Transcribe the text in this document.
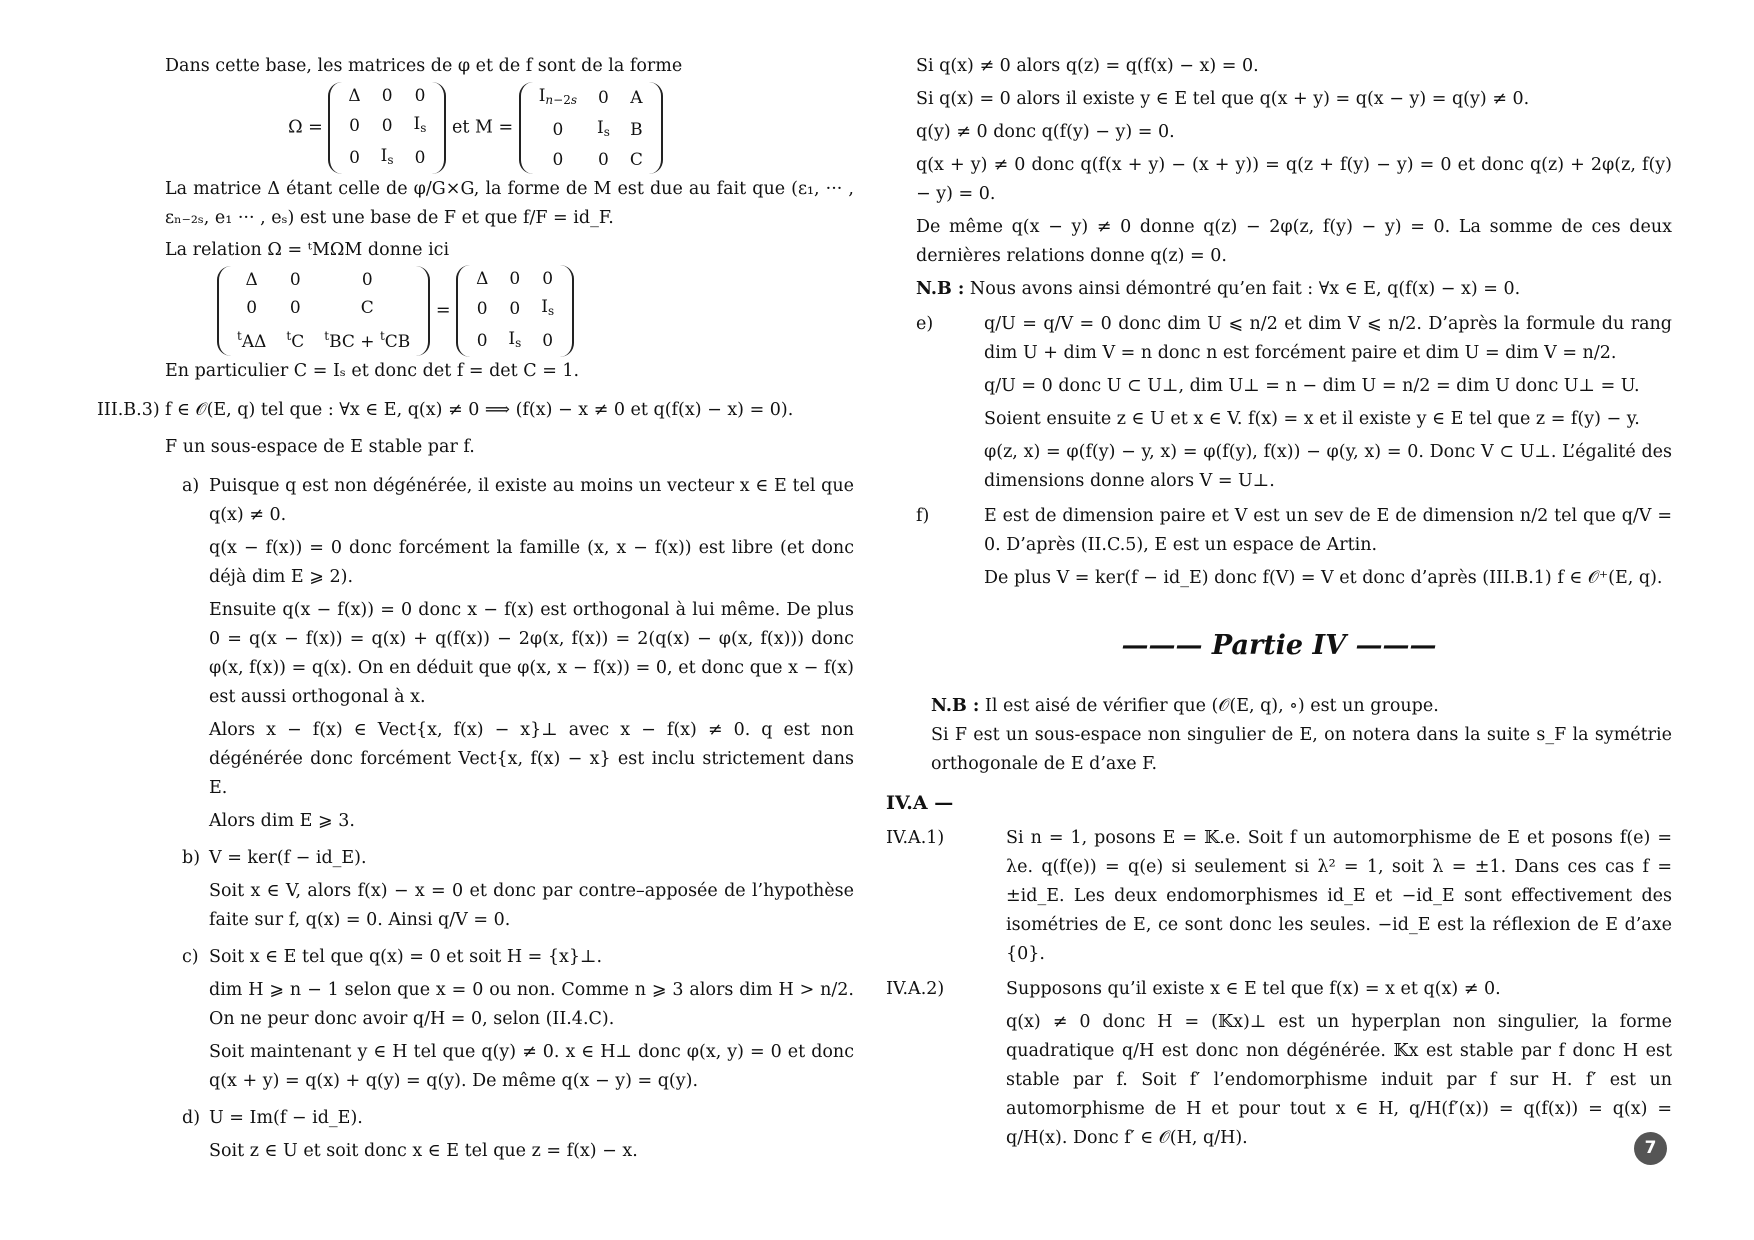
Dans cette base, les matrices de φ et de f sont de la forme

Ω =
Δ	0	0
0	0	$I_s$
0	$I_s$	0
et M =
$I_{n-2s}$	0	A
0	$I_s$	B
0	0	C

La matrice Δ étant celle de φ/G×G, la forme de M est due au fait que (ε₁, ··· , εₙ₋₂ₛ, e₁ ··· , eₛ) est une base de F et que f/F = id_F.

La relation Ω = ᵗMΩM donne ici

Δ	0	0
0	0	C
$^t$AΔ	$^t$C	$^t$BC + $^t$CB
=
Δ	0	0
0	0	$I_s$
0	$I_s$	0

En particulier C = Iₛ et donc det f = det C = 1.

III.B.3) f ∈ 𝒪(E, q) tel que : ∀x ∈ E, q(x) ≠ 0 ⟹ (f(x) − x ≠ 0 et q(f(x) − x) = 0).

F un sous-espace de E stable par f.

a) Puisque q est non dégénérée, il existe au moins un vecteur x ∈ E tel que q(x) ≠ 0.

q(x − f(x)) = 0 donc forcément la famille (x, x − f(x)) est libre (et donc déjà dim E ⩾ 2).

Ensuite q(x − f(x)) = 0 donc x − f(x) est orthogonal à lui même. De plus 0 = q(x − f(x)) = q(x) + q(f(x)) − 2φ(x, f(x)) = 2(q(x) − φ(x, f(x))) donc φ(x, f(x)) = q(x). On en déduit que φ(x, x − f(x)) = 0, et donc que x − f(x) est aussi orthogonal à x.

Alors x − f(x) ∈ Vect{x, f(x) − x}⊥ avec x − f(x) ≠ 0. q est non dégénérée donc forcément Vect{x, f(x) − x} est inclu strictement dans E.

Alors dim E ⩾ 3.

b) V = ker(f − id_E).

Soit x ∈ V, alors f(x) − x = 0 et donc par contre–apposée de l’hypothèse faite sur f, q(x) = 0. Ainsi q/V = 0.

c) Soit x ∈ E tel que q(x) = 0 et soit H = {x}⊥.

dim H ⩾ n − 1 selon que x = 0 ou non. Comme n ⩾ 3 alors dim H > n/2. On ne peur donc avoir q/H = 0, selon (II.4.C).

Soit maintenant y ∈ H tel que q(y) ≠ 0. x ∈ H⊥ donc φ(x, y) = 0 et donc q(x + y) = q(x) + q(y) = q(y). De même q(x − y) = q(y).

d) U = Im(f − id_E).

Soit z ∈ U et soit donc x ∈ E tel que z = f(x) − x.

Si q(x) ≠ 0 alors q(z) = q(f(x) − x) = 0.

Si q(x) = 0 alors il existe y ∈ E tel que q(x + y) = q(x − y) = q(y) ≠ 0.

q(y) ≠ 0 donc q(f(y) − y) = 0.

q(x + y) ≠ 0 donc q(f(x + y) − (x + y)) = q(z + f(y) − y) = 0 et donc q(z) + 2φ(z, f(y) − y) = 0.

De même q(x − y) ≠ 0 donne q(z) − 2φ(z, f(y) − y) = 0. La somme de ces deux dernières relations donne q(z) = 0.

N.B : Nous avons ainsi démontré qu’en fait : ∀x ∈ E, q(f(x) − x) = 0.

e)	q/U = q/V = 0 donc dim U ⩽ n/2 et dim V ⩽ n/2. D’après la formule du rang dim U + dim V = n donc n est forcément paire et dim U = dim V = n/2.

q/U = 0 donc U ⊂ U⊥, dim U⊥ = n − dim U = n/2 = dim U donc U⊥ = U.

Soient ensuite z ∈ U et x ∈ V. f(x) = x et il existe y ∈ E tel que z = f(y) − y.

φ(z, x) = φ(f(y) − y, x) = φ(f(y), f(x)) − φ(y, x) = 0. Donc V ⊂ U⊥. L’égalité des dimensions donne alors V = U⊥.

f)	E est de dimension paire et V est un sev de E de dimension n/2 tel que q/V = 0. D’après (II.C.5), E est un espace de Artin.

De plus V = ker(f − id_E) donc f(V) = V et donc d’après (III.B.1) f ∈ 𝒪⁺(E, q).

——— Partie IV ———

N.B : Il est aisé de vérifier que (𝒪(E, q), ∘) est un groupe.

Si F est un sous-espace non singulier de E, on notera dans la suite s_F la symétrie orthogonale de E d’axe F.

IV.A —
IV.A.1)	Si n = 1, posons E = 𝕂.e. Soit f un automorphisme de E et posons f(e) = λe. q(f(e)) = q(e) si seulement si λ² = 1, soit λ = ±1. Dans ces cas f = ±id_E. Les deux endomorphismes id_E et −id_E sont effectivement des isométries de E, ce sont donc les seules. −id_E est la réflexion de E d’axe {0}.

IV.A.2)	Supposons qu’il existe x ∈ E tel que f(x) = x et q(x) ≠ 0.

q(x) ≠ 0 donc H = (𝕂x)⊥ est un hyperplan non singulier, la forme quadratique q/H est donc non dégénérée. 𝕂x est stable par f donc H est stable par f. Soit f′ l’endomorphisme induit par f sur H. f′ est un automorphisme de H et pour tout x ∈ H, q/H(f′(x)) = q(f(x)) = q(x) = q/H(x). Donc f′ ∈ 𝒪(H, q/H).	7
